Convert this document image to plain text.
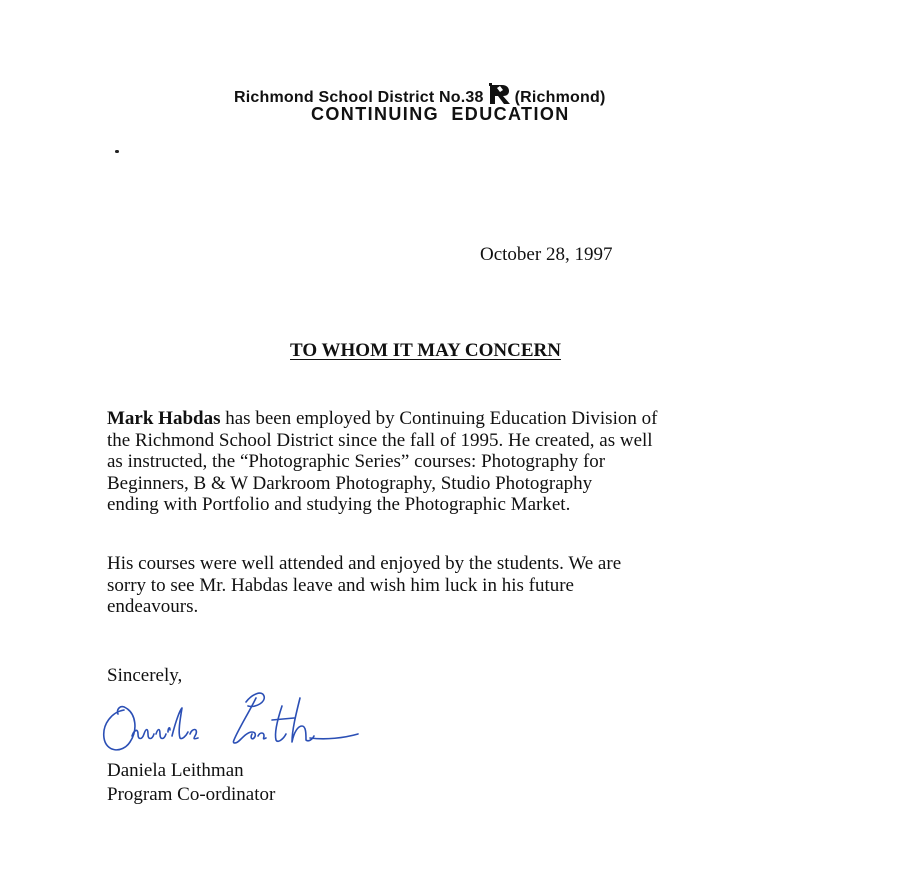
Richmond School District No.38 (Richmond)
CONTINUING EDUCATION
October 28, 1997
TO WHOM IT MAY CONCERN
Mark Habdas has been employed by Continuing Education Division of
the Richmond School District since the fall of 1995. He created, as well
as instructed, the “Photographic Series” courses: Photography for
Beginners, B & W Darkroom Photography, Studio Photography
ending with Portfolio and studying the Photographic Market.
His courses were well attended and enjoyed by the students. We are
sorry to see Mr. Habdas leave and wish him luck in his future
endeavours.
Sincerely,
Daniela Leithman
Program Co-ordinator
